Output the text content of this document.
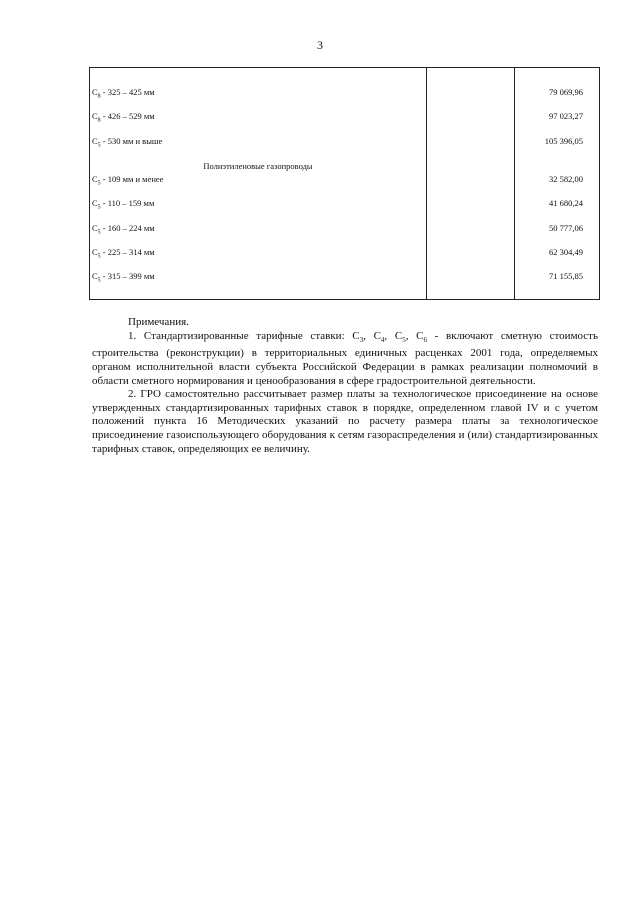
3
$C_8 - 325 - 425$ мм	79 069,96
$C_8 - 426 - 529$ мм	97 023,27
$C_5 - 530$ мм и выше	105 396,05
Полиэтиленовые газопроводы
$C_5 - 109$ мм и менее	32 582,00
$C_5 - 110 - 159$ мм	41 680,24
$C_5 - 160 - 224$ мм	50 777,06
$C_5 - 225 - 314$ мм	62 304,49
$C_5 - 315 - 399$ мм	71 155,85

Примечания.

1. Стандартизированные тарифные ставки: $С_3$, $С_4$, $С_5$, $С_6$ - включают сметную стоимость строительства (реконструкции) в территориальных единичных расценках 2001 года, определяемых органом исполнительной власти субъекта Российской Федерации в рамках реализации полномочий в области сметного нормирования и ценообразования в сфере градостроительной деятельности.

2. ГРО самостоятельно рассчитывает размер платы за технологическое присоединение на основе утвержденных стандартизированных тарифных ставок в порядке, определенном главой IV и с учетом положений пункта 16 Методических указаний по расчету размера платы за технологическое присоединение газоиспользующего оборудования к сетям газораспределения и (или) стандартизированных тарифных ставок, определяющих ее величину.
